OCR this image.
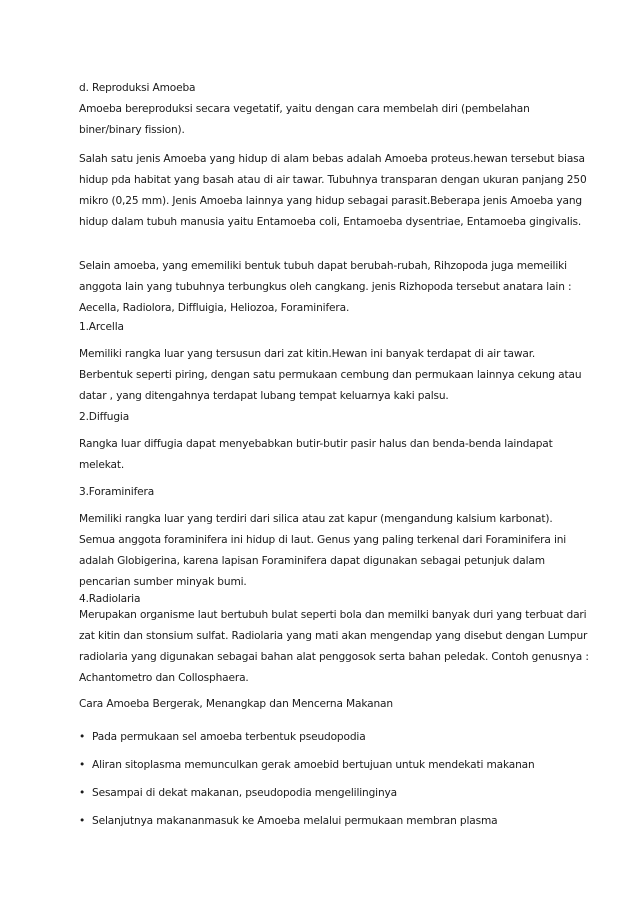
d. Reproduksi Amoeba
Amoeba bereproduksi secara vegetatif, yaitu dengan cara membelah diri (pembelahan
biner/binary fission).
Salah satu jenis Amoeba yang hidup di alam bebas adalah Amoeba proteus.hewan tersebut biasa
hidup pda habitat yang basah atau di air tawar. Tubuhnya transparan dengan ukuran panjang 250
mikro (0,25 mm). Jenis Amoeba lainnya yang hidup sebagai parasit.Beberapa jenis Amoeba yang
hidup dalam tubuh manusia yaitu Entamoeba coli, Entamoeba dysentriae, Entamoeba gingivalis.
Selain amoeba, yang ememiliki bentuk tubuh dapat berubah-rubah, Rihzopoda juga memeiliki
anggota lain yang tubuhnya terbungkus oleh cangkang. jenis Rizhopoda tersebut anatara lain :
Aecella, Radiolora, Diffluigia, Heliozoa, Foraminifera.
1.Arcella
Memiliki rangka luar yang tersusun dari zat kitin.Hewan ini banyak terdapat di air tawar.
Berbentuk seperti piring, dengan satu permukaan cembung dan permukaan lainnya cekung atau
datar , yang ditengahnya terdapat lubang tempat keluarnya kaki palsu.
2.Diffugia
Rangka luar diffugia dapat menyebabkan butir-butir pasir halus dan benda-benda laindapat
melekat.
3.Foraminifera
Memiliki rangka luar yang terdiri dari silica atau zat kapur (mengandung kalsium karbonat).
Semua anggota foraminifera ini hidup di laut. Genus yang paling terkenal dari Foraminifera ini
adalah Globigerina, karena lapisan Foraminifera dapat digunakan sebagai petunjuk dalam
pencarian sumber minyak bumi.
4.Radiolaria
Merupakan organisme laut bertubuh bulat seperti bola dan memilki banyak duri yang terbuat dari
zat kitin dan stonsium sulfat. Radiolaria yang mati akan mengendap yang disebut dengan Lumpur
radiolaria yang digunakan sebagai bahan alat penggosok serta bahan peledak. Contoh genusnya :
Achantometro dan Collosphaera.
Cara Amoeba Bergerak, Menangkap dan Mencerna Makanan
• Pada permukaan sel amoeba terbentuk pseudopodia
• Aliran sitoplasma memunculkan gerak amoebid bertujuan untuk mendekati makanan
• Sesampai di dekat makanan, pseudopodia mengelilinginya
• Selanjutnya makananmasuk ke Amoeba melalui permukaan membran plasma
